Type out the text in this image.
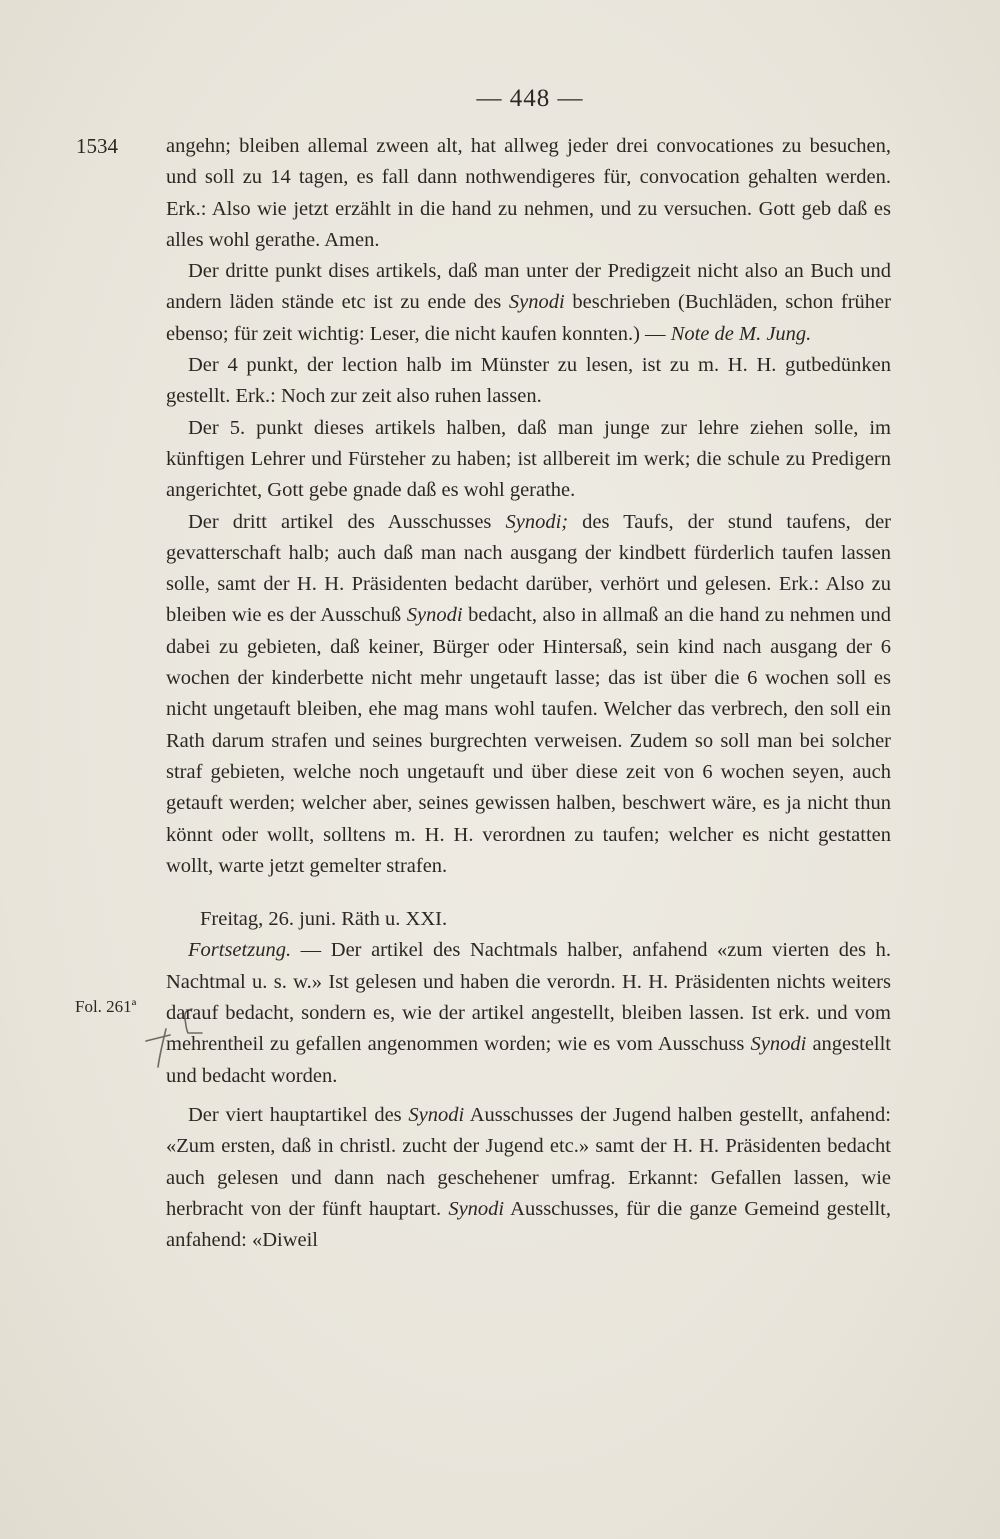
— 448 —
1534
Fol. 261ª

angehn; bleiben allemal zween alt, hat allweg jeder drei convocationes zu besuchen, und soll zu 14 tagen, es fall dann nothwendigeres für, convocation gehalten werden. Erk.: Also wie jetzt erzählt in die hand zu nehmen, und zu versuchen. Gott geb daß es alles wohl gerathe. Amen.

Der dritte punkt dises artikels, daß man unter der Predigzeit nicht also an Buch und andern läden stände etc ist zu ende des Synodi beschrieben (Buchläden, schon früher ebenso; für zeit wichtig: Leser, die nicht kaufen konnten.) — Note de M. Jung.

Der 4 punkt, der lection halb im Münster zu lesen, ist zu m. H. H. gutbedünken gestellt. Erk.: Noch zur zeit also ruhen lassen.

Der 5. punkt dieses artikels halben, daß man junge zur lehre ziehen solle, im künftigen Lehrer und Fürsteher zu haben; ist allbereit im werk; die schule zu Predigern angerichtet, Gott gebe gnade daß es wohl gerathe.

Der dritt artikel des Ausschusses Synodi; des Taufs, der stund taufens, der gevatterschaft halb; auch daß man nach ausgang der kindbett fürderlich taufen lassen solle, samt der H. H. Präsidenten bedacht darüber, verhört und gelesen. Erk.: Also zu bleiben wie es der Ausschuß Synodi bedacht, also in allmaß an die hand zu nehmen und dabei zu gebieten, daß keiner, Bürger oder Hintersaß, sein kind nach ausgang der 6 wochen der kinderbette nicht mehr ungetauft lasse; das ist über die 6 wochen soll es nicht ungetauft bleiben, ehe mag mans wohl taufen. Welcher das verbrech, den soll ein Rath darum strafen und seines burgrechten verweisen. Zudem so soll man bei solcher straf gebieten, welche noch ungetauft und über diese zeit von 6 wochen seyen, auch getauft werden; welcher aber, seines gewissen halben, beschwert wäre, es ja nicht thun könnt oder wollt, solltens m. H. H. verordnen zu taufen; welcher es nicht gestatten wollt, warte jetzt gemelter strafen.

Freitag, 26. juni. Räth u. XXI.

Fortsetzung. — Der artikel des Nachtmals halber, anfahend «zum vierten des h. Nachtmal u. s. w.» Ist gelesen und haben die verordn. H. H. Präsidenten nichts weiters darauf bedacht, sondern es, wie der artikel angestellt, bleiben lassen. Ist erk. und vom mehrentheil zu gefallen angenommen worden; wie es vom Ausschuss Synodi angestellt und bedacht worden.

Der viert hauptartikel des Synodi Ausschusses der Jugend halben gestellt, anfahend: «Zum ersten, daß in christl. zucht der Jugend etc.» samt der H. H. Präsidenten bedacht auch gelesen und dann nach geschehener umfrag. Erkannt: Gefallen lassen, wie herbracht von der fünft hauptart. Synodi Ausschusses, für die ganze Gemeind gestellt, anfahend: «Diweil
